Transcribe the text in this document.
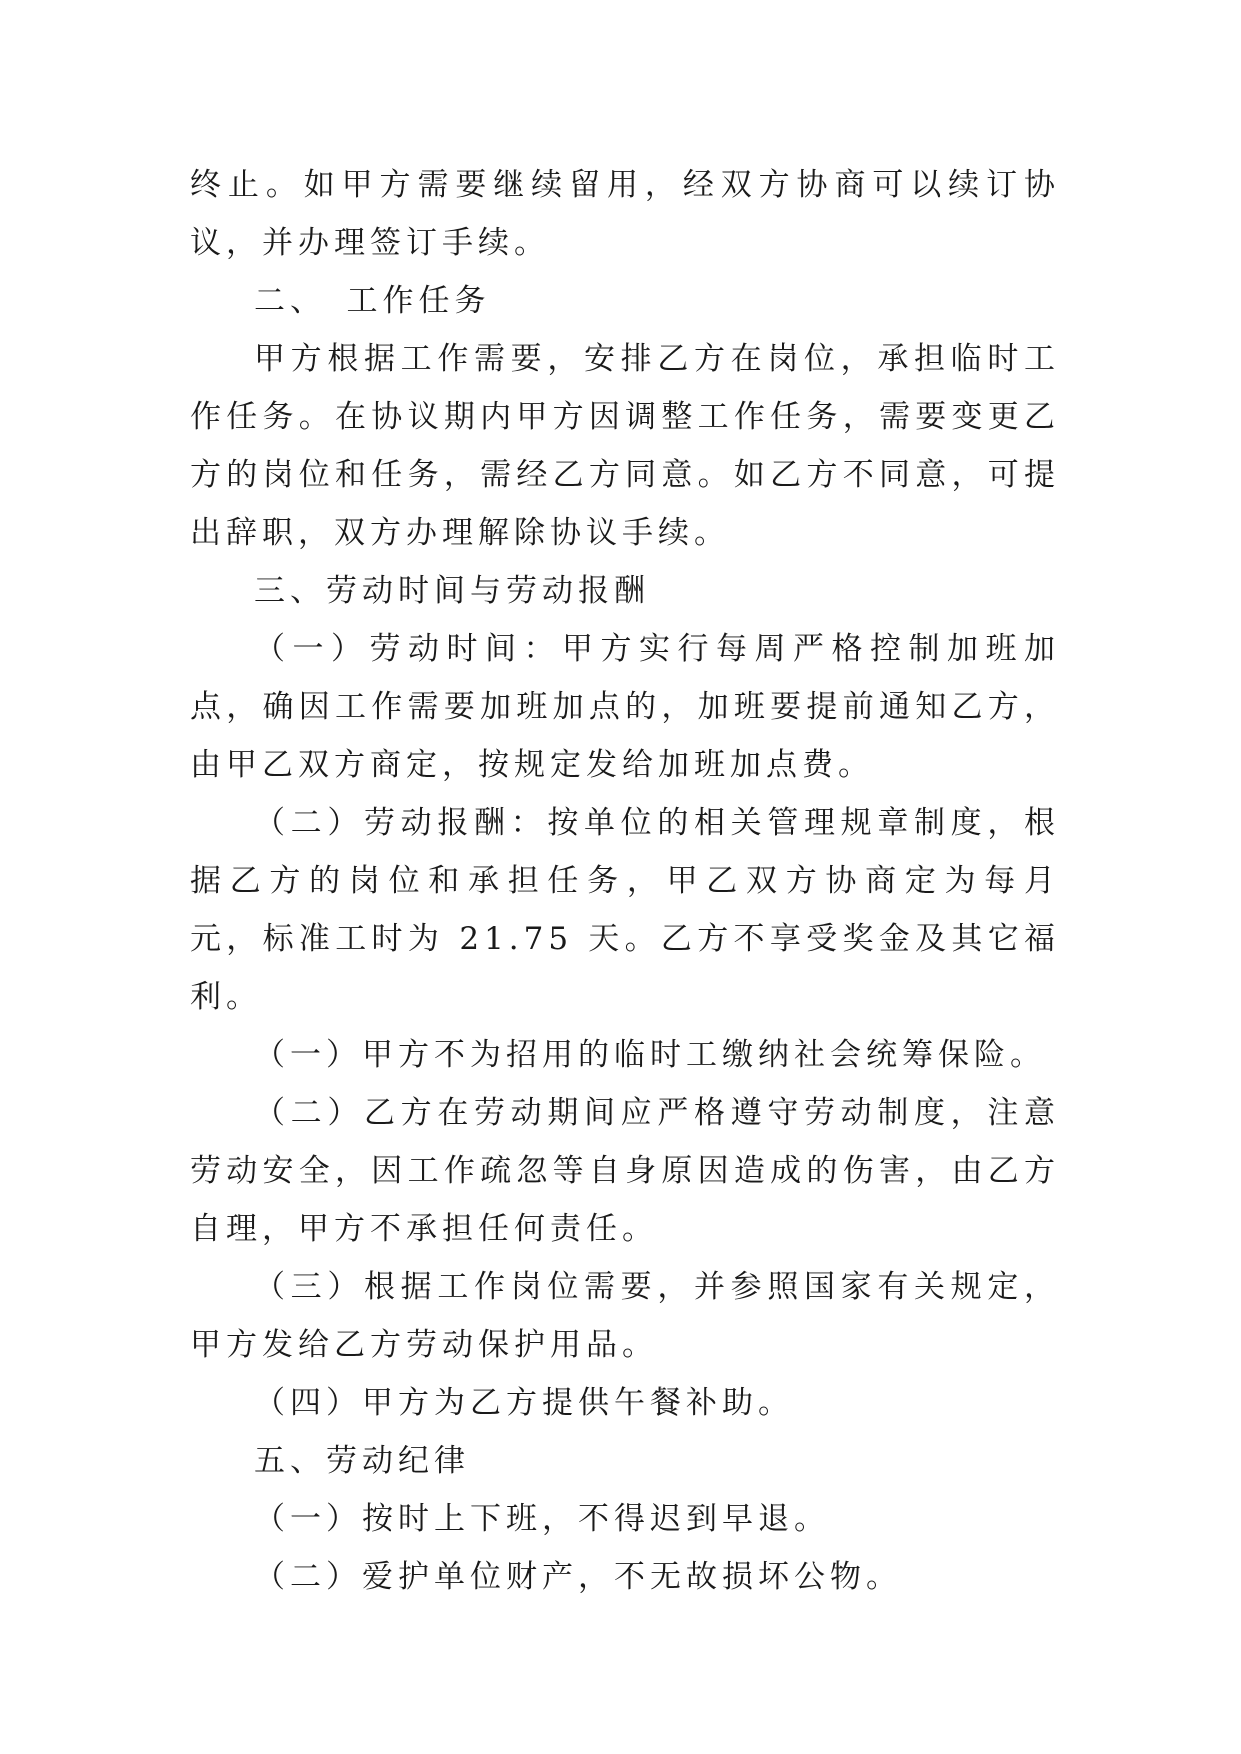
终止。如甲方需要继续留用，经双方协商可以续订协议，并办理签订手续。

二、　工作任务

甲方根据工作需要，安排乙方在岗位，承担临时工作任务。在协议期内甲方因调整工作任务，需要变更乙方的岗位和任务，需经乙方同意。如乙方不同意，可提出辞职，双方办理解除协议手续。

三、劳动时间与劳动报酬

（一）劳动时间：甲方实行每周严格控制加班加点，确因工作需要加班加点的，加班要提前通知乙方，由甲乙双方商定，按规定发给加班加点费。

（二）劳动报酬：按单位的相关管理规章制度，根据乙方的岗位和承担任务，甲乙双方协商定为每月 元，标准工时为 21.75 天。乙方不享受奖金及其它福利。

（一）甲方不为招用的临时工缴纳社会统筹保险。

（二）乙方在劳动期间应严格遵守劳动制度，注意劳动安全，因工作疏忽等自身原因造成的伤害，由乙方自理，甲方不承担任何责任。

（三）根据工作岗位需要，并参照国家有关规定，甲方发给乙方劳动保护用品。

（四）甲方为乙方提供午餐补助。

五、劳动纪律

（一）按时上下班，不得迟到早退。

（二）爱护单位财产，不无故损坏公物。
